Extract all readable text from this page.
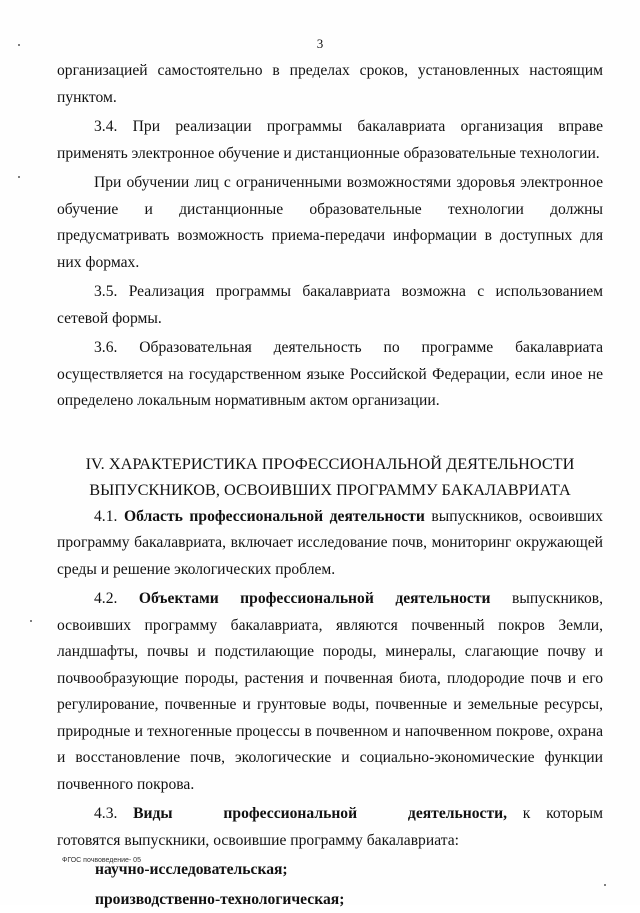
3

организацией самостоятельно в пределах сроков, установленных настоящим пунктом.

3.4. При реализации программы бакалавриата организация вправе применять электронное обучение и дистанционные образовательные технологии.

При обучении лиц с ограниченными возможностями здоровья электронное обучение и дистанционные образовательные технологии должны предусматривать возможность приема-передачи информации в доступных для них формах.

3.5. Реализация программы бакалавриата возможна с использованием сетевой формы.

3.6. Образовательная деятельность по программе бакалавриата осуществляется на государственном языке Российской Федерации, если иное не определено локальным нормативным актом организации.

IV. ХАРАКТЕРИСТИКА ПРОФЕССИОНАЛЬНОЙ ДЕЯТЕЛЬНОСТИ
ВЫПУСКНИКОВ, ОСВОИВШИХ ПРОГРАММУ БАКАЛАВРИАТА

4.1. Область профессиональной деятельности выпускников, освоивших программу бакалавриата, включает исследование почв, мониторинг окружающей среды и решение экологических проблем.

4.2. Объектами профессиональной деятельности выпускников, освоивших программу бакалавриата, являются почвенный покров Земли, ландшафты, почвы и подстилающие породы, минералы, слагающие почву и почвообразующие породы, растения и почвенная биота, плодородие почв и его регулирование, почвенные и грунтовые воды, почвенные и земельные ресурсы, природные и техногенные процессы в почвенном и напочвенном покрове, охрана и восстановление почв, экологические и социально-экономические функции почвенного покрова.

4.3. Виды профессиональной деятельности, к которым готовятся выпускники, освоившие программу бакалавриата:

научно-исследовательская;

производственно-технологическая;

ФГОС почвоведение- 05
